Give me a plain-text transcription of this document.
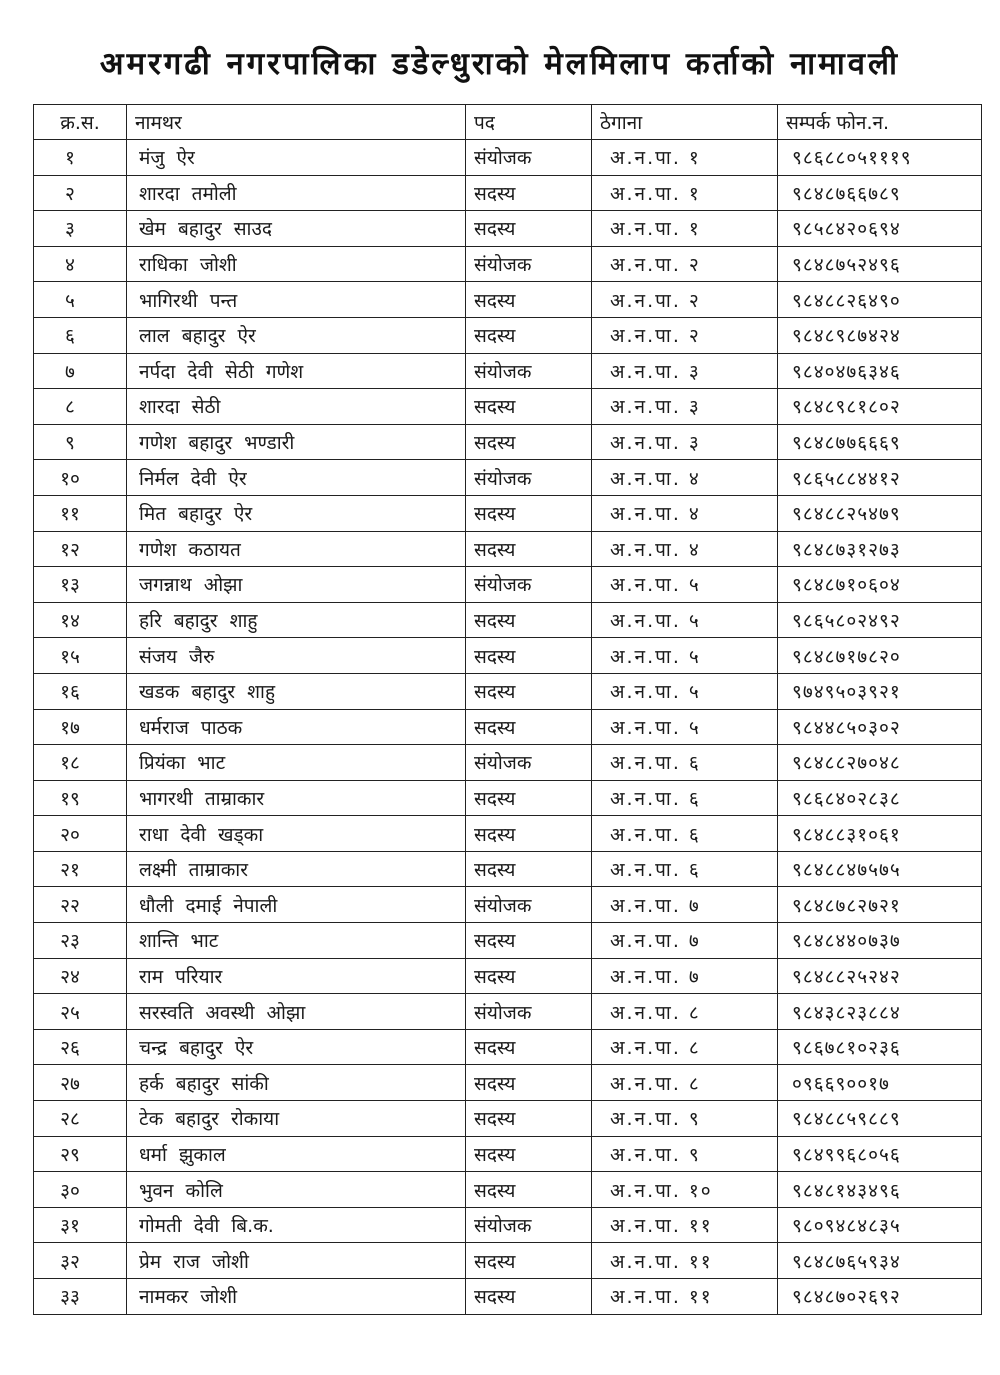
अमरगढी नगरपालिका डडेल्धुराको मेलमिलाप कर्ताको नामावली
क्र.स.	नामथर	पद	ठेगाना	सम्पर्क फोन.न.
१	मंजु ऐर	संयोजक	अ.न.पा. १	९८६८८०५१११९
२	शारदा तमोली	सदस्य	अ.न.पा. १	९८४८७६६७८९
३	खेम बहादुर साउद	सदस्य	अ.न.पा. १	९८५८४२०६९४
४	राधिका जोशी	संयोजक	अ.न.पा. २	९८४८७५२४९६
५	भागिरथी पन्त	सदस्य	अ.न.पा. २	९८४८८२६४९०
६	लाल बहादुर ऐर	सदस्य	अ.न.पा. २	९८४८९८७४२४
७	नर्पदा देवी सेठी गणेश	संयोजक	अ.न.पा. ३	९८४०४७६३४६
८	शारदा सेठी	सदस्य	अ.न.पा. ३	९८४८९८१८०२
९	गणेश बहादुर भण्डारी	सदस्य	अ.न.पा. ३	९८४८७७६६६९
१०	निर्मल देवी ऐर	संयोजक	अ.न.पा. ४	९८६५८८४४१२
११	मित बहादुर ऐर	सदस्य	अ.न.पा. ४	९८४८८२५४७९
१२	गणेश कठायत	सदस्य	अ.न.पा. ४	९८४८७३१२७३
१३	जगन्नाथ ओझा	संयोजक	अ.न.पा. ५	९८४८७१०६०४
१४	हरि बहादुर शाहु	सदस्य	अ.न.पा. ५	९८६५८०२४९२
१५	संजय जैरु	सदस्य	अ.न.पा. ५	९८४८७१७८२०
१६	खडक बहादुर शाहु	सदस्य	अ.न.पा. ५	९७४९५०३९२१
१७	धर्मराज पाठक	सदस्य	अ.न.पा. ५	९८४४८५०३०२
१८	प्रियंका भाट	संयोजक	अ.न.पा. ६	९८४८८२७०४८
१९	भागरथी ताम्राकार	सदस्य	अ.न.पा. ६	९८६८४०२८३८
२०	राधा देवी खड्का	सदस्य	अ.न.पा. ६	९८४८८३१०६१
२१	लक्ष्मी ताम्राकार	सदस्य	अ.न.पा. ६	९८४८८४७५७५
२२	धौली दमाई नेपाली	संयोजक	अ.न.पा. ७	९८४८७८२७२१
२३	शान्ति भाट	सदस्य	अ.न.पा. ७	९८४८४४०७३७
२४	राम परियार	सदस्य	अ.न.पा. ७	९८४८८२५२४२
२५	सरस्वति अवस्थी ओझा	संयोजक	अ.न.पा. ८	९८४३८२३८८४
२६	चन्द्र बहादुर ऐर	सदस्य	अ.न.पा. ८	९८६७८१०२३६
२७	हर्क बहादुर सांकी	सदस्य	अ.न.पा. ८	०९६६९००१७
२८	टेक बहादुर रोकाया	सदस्य	अ.न.पा. ९	९८४८८५९८८९
२९	धर्मा झुकाल	सदस्य	अ.न.पा. ९	९८४९९६८०५६
३०	भुवन कोलि	सदस्य	अ.न.पा. १०	९८४८१४३४९६
३१	गोमती देवी बि.क.	संयोजक	अ.न.पा. ११	९८०९४८४८३५
३२	प्रेम राज जोशी	सदस्य	अ.न.पा. ११	९८४८७६५९३४
३३	नामकर जोशी	सदस्य	अ.न.पा. ११	९८४८७०२६९२
